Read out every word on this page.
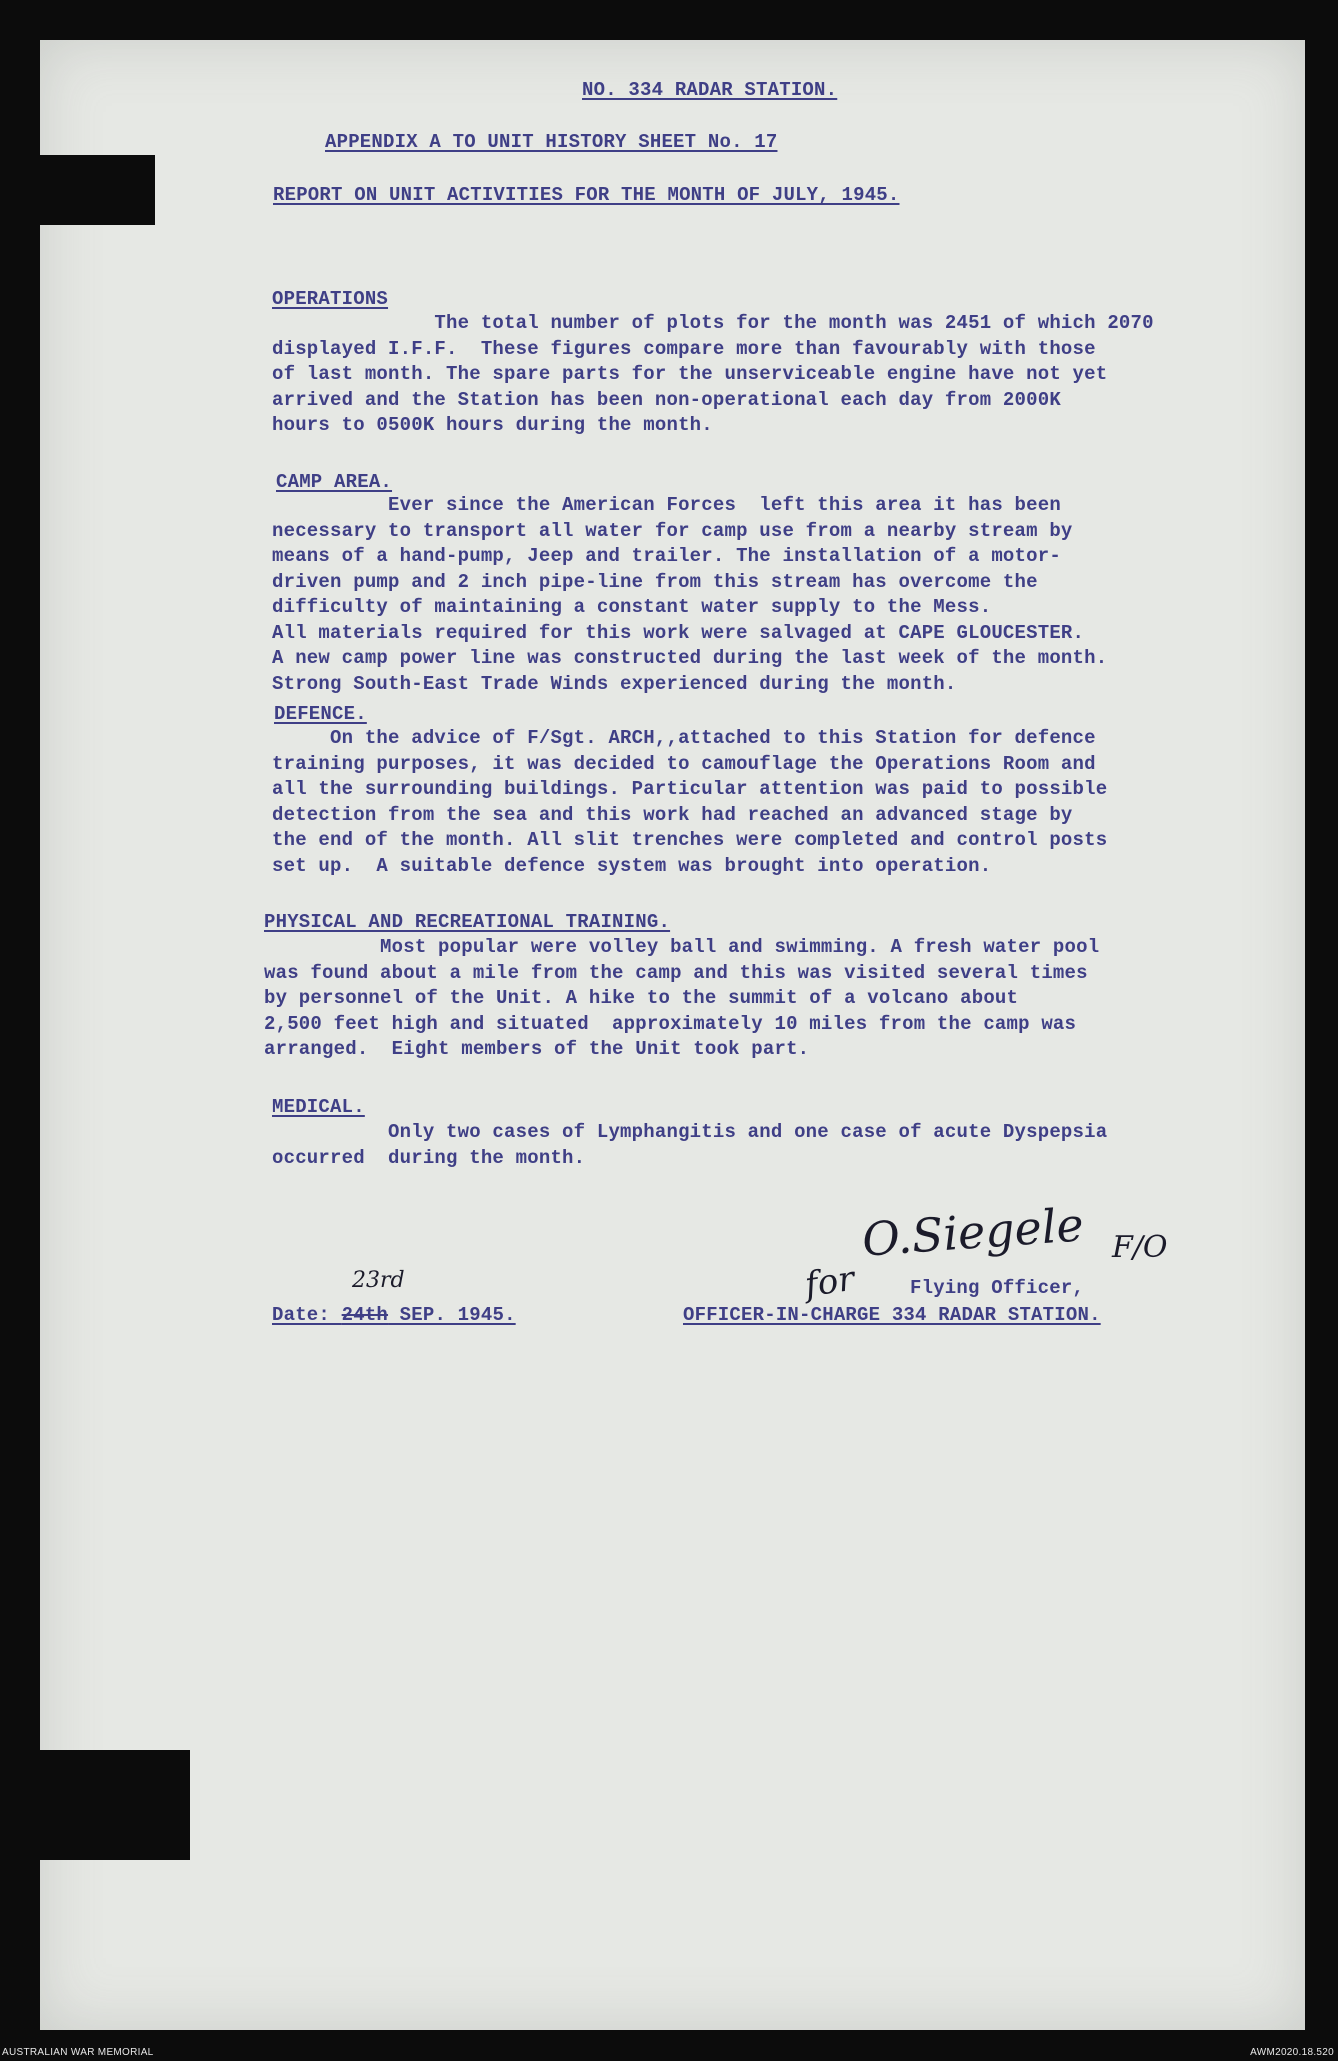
NO. 334 RADAR STATION.
APPENDIX A TO UNIT HISTORY SHEET No. 17
REPORT ON UNIT ACTIVITIES FOR THE MONTH OF JULY, 1945.
OPERATIONS
The total number of plots for the month was 2451 of which 2070
displayed I.F.F.  These figures compare more than favourably with those
of last month. The spare parts for the unserviceable engine have not yet
arrived and the Station has been non-operational each day from 2000K
hours to 0500K hours during the month.
CAMP AREA.
Ever since the American Forces  left this area it has been
necessary to transport all water for camp use from a nearby stream by
means of a hand-pump, Jeep and trailer. The installation of a motor-
driven pump and 2 inch pipe-line from this stream has overcome the
difficulty of maintaining a constant water supply to the Mess.
All materials required for this work were salvaged at CAPE GLOUCESTER.
A new camp power line was constructed during the last week of the month.
Strong South-East Trade Winds experienced during the month.
DEFENCE.
On the advice of F/Sgt. ARCH,,attached to this Station for defence
training purposes, it was decided to camouflage the Operations Room and
all the surrounding buildings. Particular attention was paid to possible
detection from the sea and this work had reached an advanced stage by
the end of the month. All slit trenches were completed and control posts
set up.  A suitable defence system was brought into operation.
PHYSICAL AND RECREATIONAL TRAINING.
Most popular were volley ball and swimming. A fresh water pool
was found about a mile from the camp and this was visited several times
by personnel of the Unit. A hike to the summit of a volcano about
2,500 feet high and situated  approximately 10 miles from the camp was
arranged.  Eight members of the Unit took part.
MEDICAL.
Only two cases of Lymphangitis and one case of acute Dyspepsia
occurred  during the month.
Date: 24th SEP. 1945.
23rd
O.Siegele F/O
for	Flying Officer,
OFFICER-IN-CHARGE 334 RADAR STATION.
AUSTRALIAN WAR MEMORIAL	AWM2020.18.520
